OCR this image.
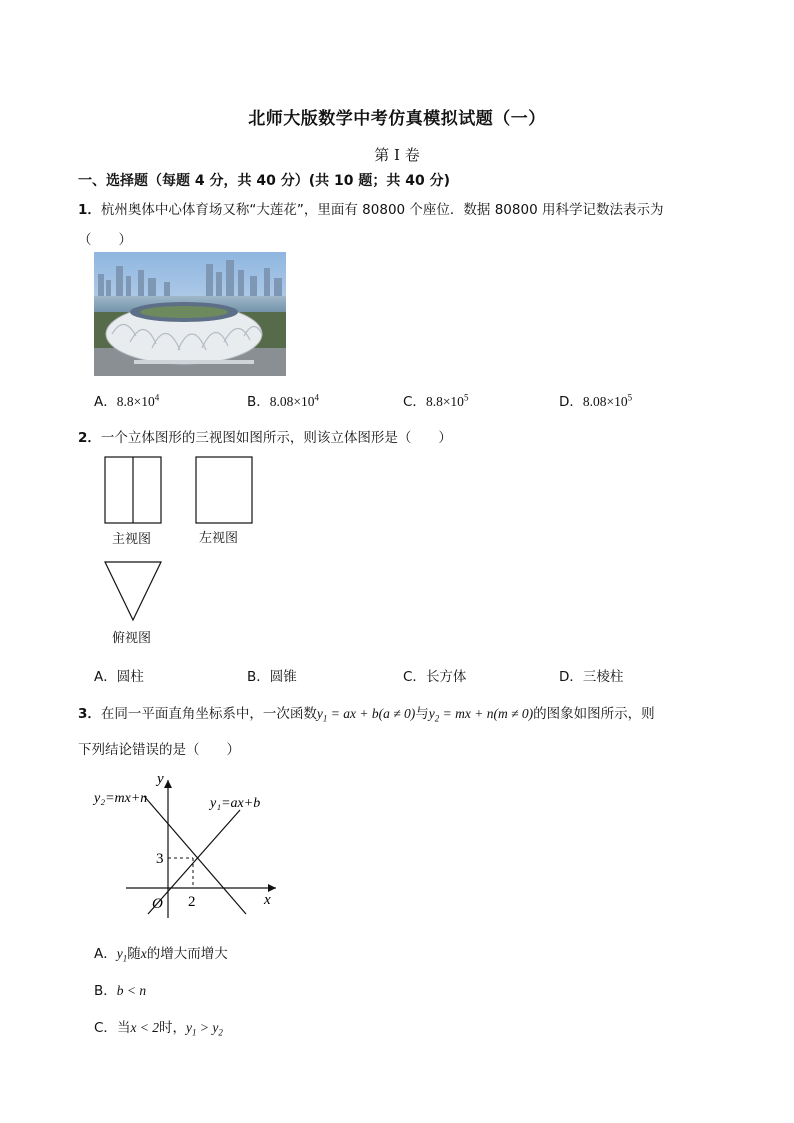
北师大版数学中考仿真模拟试题（一）
第 I 卷
一、选择题（每题 4 分，共 40 分）(共 10 题；共 40 分)
1．杭州奥体中心体育场又称“大莲花”，里面有 80800 个座位．数据 80800 用科学记数法表示为
（　　）
A．$8.8\times 10^4$	B．$8.08\times 10^4$	C．$8.8\times 10^5$	D．$8.08\times 10^5$
2．一个立体图形的三视图如图所示，则该立体图形是（　　）
主视图	左视图
俯视图
A．圆柱	B．圆锥	C．长方体	D．三棱柱
3．在同一平面直角坐标系中，一次函数$y_1$ = ax + b(a ≠ 0)与$y_2$ = mx + n(m ≠ 0)的图象如图所示，则
下列结论错误的是（　　）
y
x
O 2
3
y₂=mx+n	y₁=ax+b
A．$y_1$随x的增大而增大
B．b < n
C．当x < 2时，$y_1 > y_2$
